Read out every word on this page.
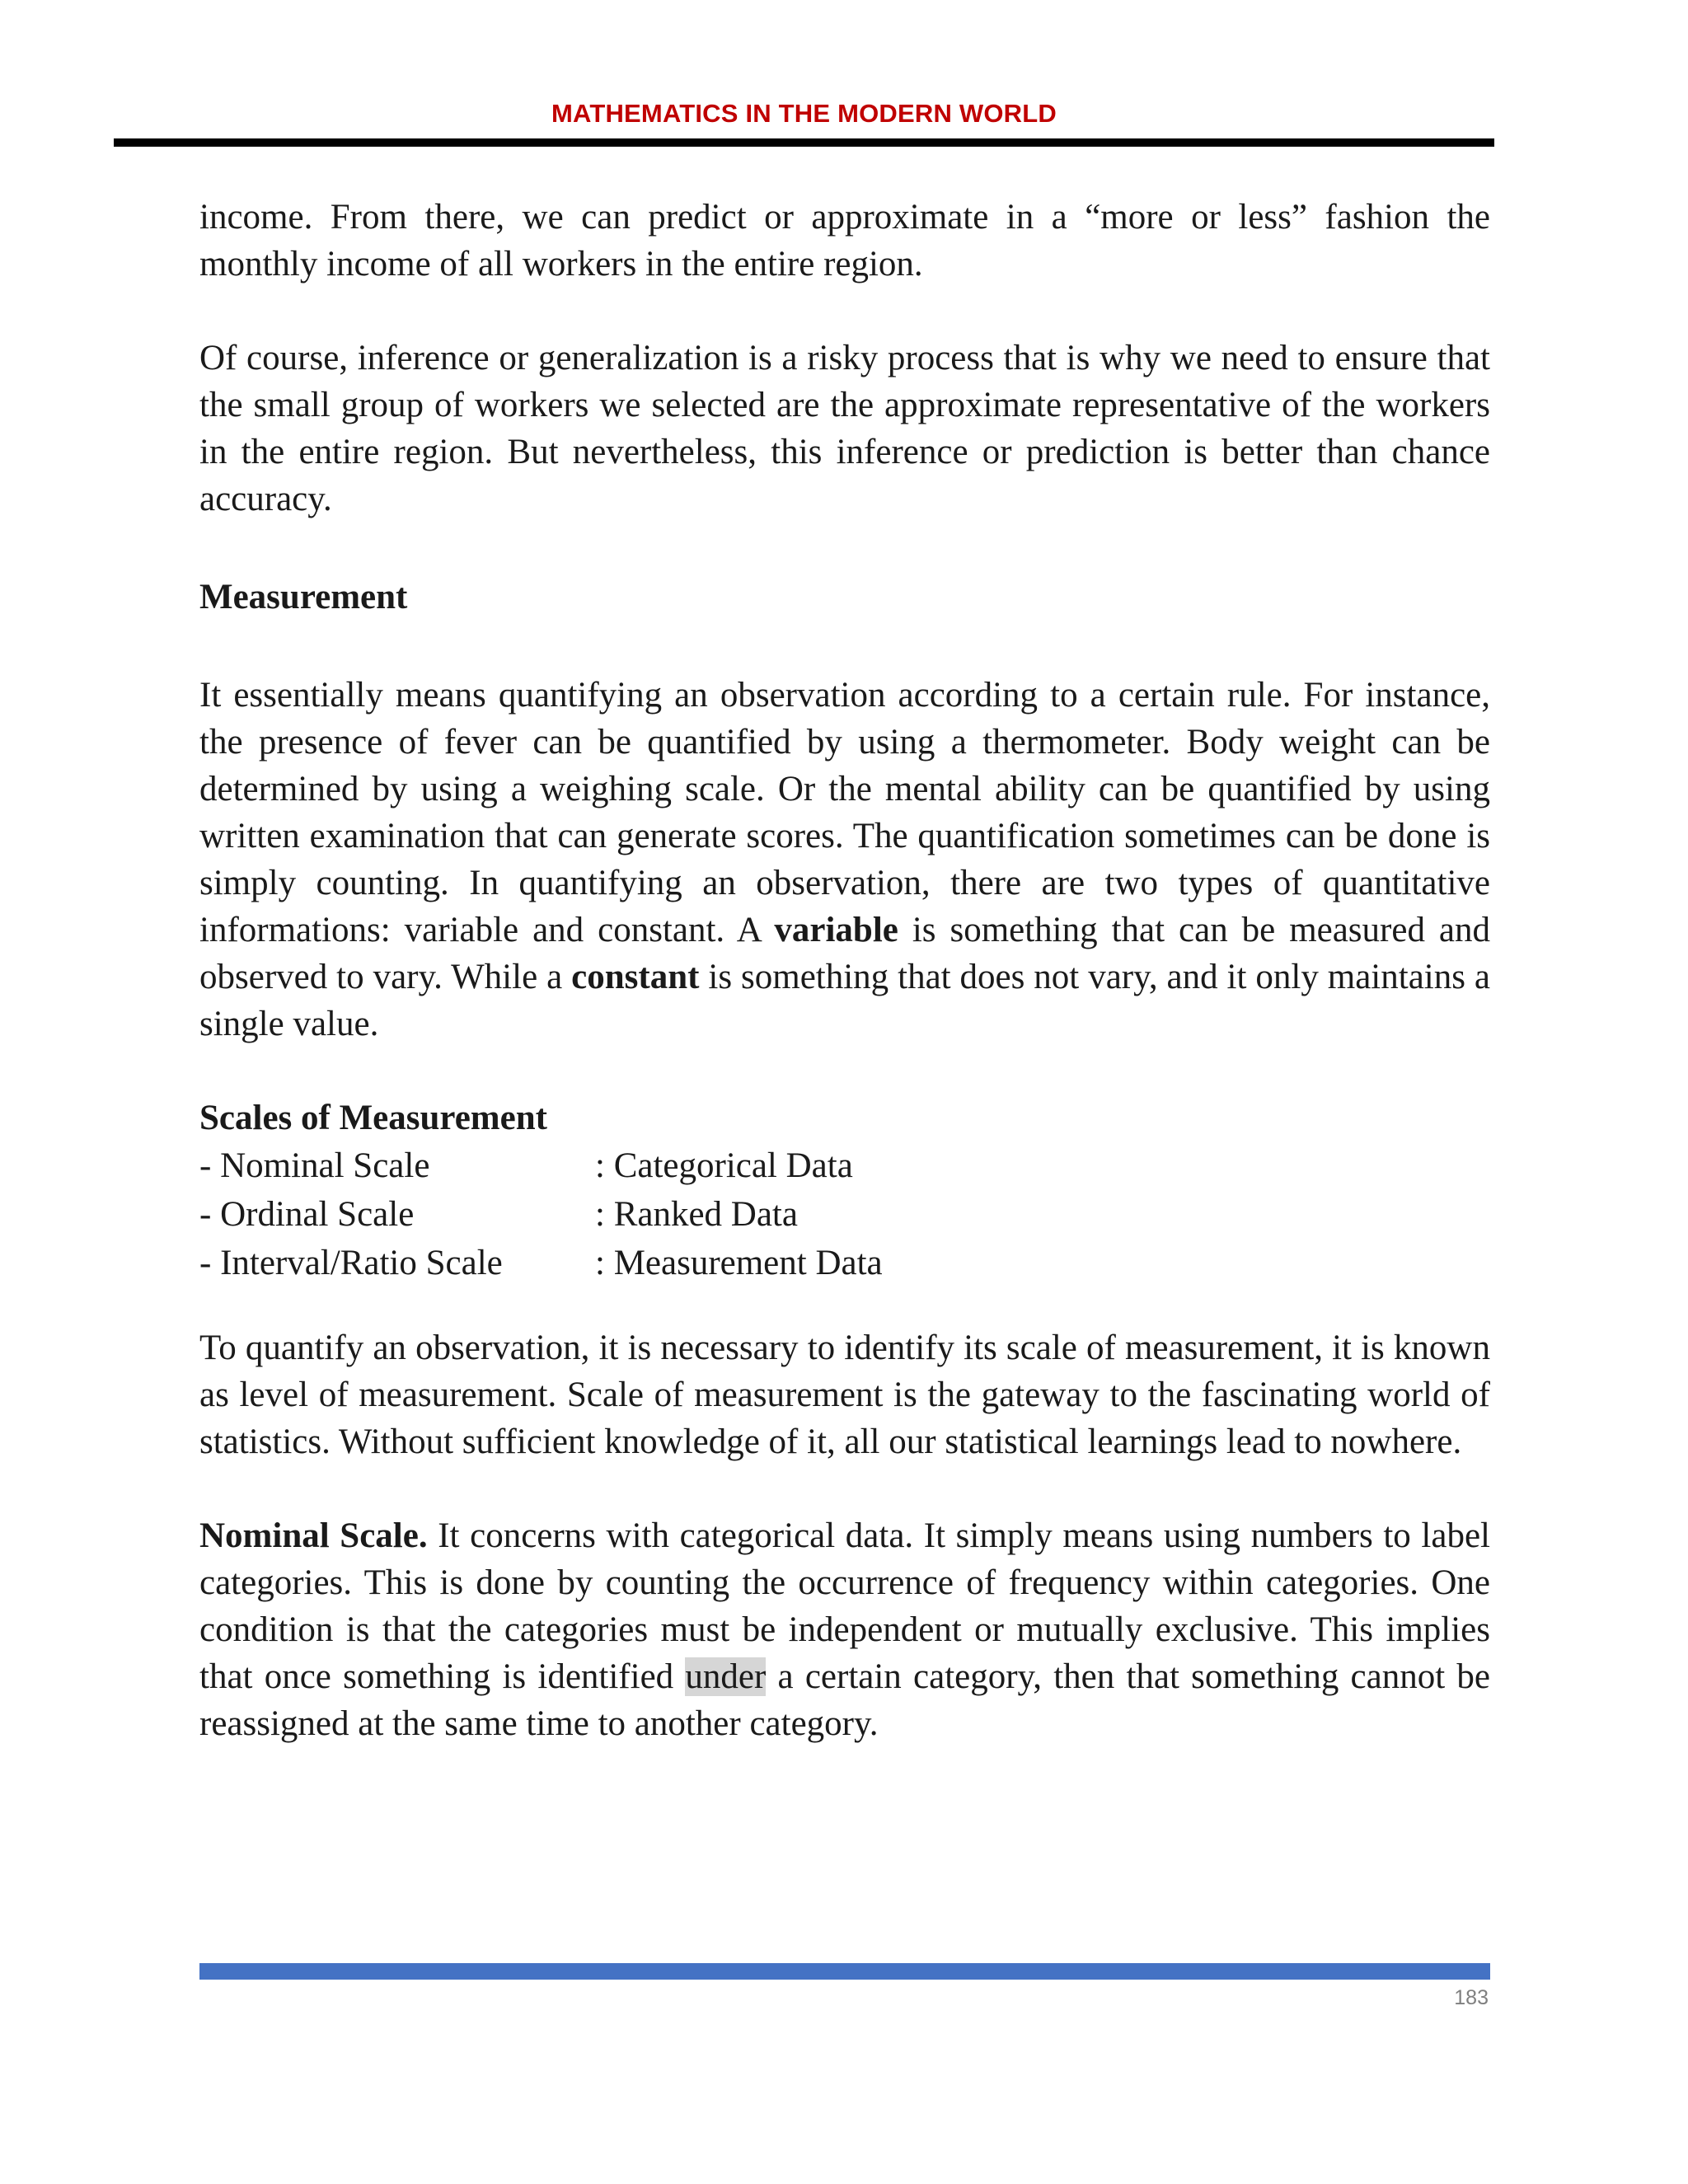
MATHEMATICS IN THE MODERN WORLD

income. From there, we can predict or approximate in a “more or less” fashion the monthly income of all workers in the entire region.

Of course, inference or generalization is a risky process that is why we need to ensure that the small group of workers we selected are the approximate representative of the workers in the entire region. But nevertheless, this inference or prediction is better than chance accuracy.

Measurement

It essentially means quantifying an observation according to a certain rule. For instance, the presence of fever can be quantified by using a thermometer. Body weight can be determined by using a weighing scale. Or the mental ability can be quantified by using written examination that can generate scores. The quantification sometimes can be done is simply counting. In quantifying an observation, there are two types of quantitative informations: variable and constant. A variable is something that can be measured and observed to vary. While a constant is something that does not vary, and it only maintains a single value.

Scales of Measurement

- Nominal Scale	: Categorical Data
- Ordinal Scale	: Ranked Data
- Interval/Ratio Scale	: Measurement Data

To quantify an observation, it is necessary to identify its scale of measurement, it is known as level of measurement. Scale of measurement is the gateway to the fascinating world of statistics. Without sufficient knowledge of it, all our statistical learnings lead to nowhere.

Nominal Scale. It concerns with categorical data. It simply means using numbers to label categories. This is done by counting the occurrence of frequency within categories. One condition is that the categories must be independent or mutually exclusive. This implies that once something is identified under a certain category, then that something cannot be reassigned at the same time to another category.

183
